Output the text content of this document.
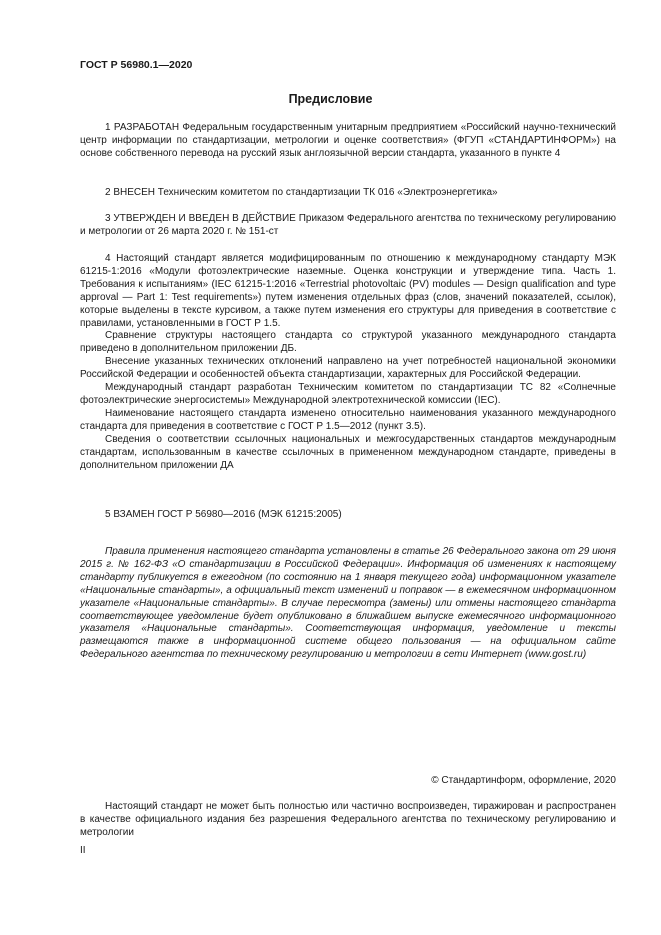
ГОСТ Р 56980.1—2020
Предисловие

1 РАЗРАБОТАН Федеральным государственным унитарным предприятием «Российский научно-технический центр информации по стандартизации, метрологии и оценке соответствия» (ФГУП «СТАНДАРТИНФОРМ») на основе собственного перевода на русский язык англоязычной версии стандарта, указанного в пункте 4

2 ВНЕСЕН Техническим комитетом по стандартизации ТК 016 «Электроэнергетика»

3 УТВЕРЖДЕН И ВВЕДЕН В ДЕЙСТВИЕ Приказом Федерального агентства по техническому регулированию и метрологии от 26 марта 2020 г. № 151-ст

4 Настоящий стандарт является модифицированным по отношению к международному стандарту МЭК 61215-1:2016 «Модули фотоэлектрические наземные. Оценка конструкции и утверждение типа. Часть 1. Требования к испытаниям» (IEC 61215-1:2016 «Terrestrial photovoltaic (PV) modules — Design qualification and type approval — Part 1: Test requirements») путем изменения отдельных фраз (слов, значений показателей, ссылок), которые выделены в тексте курсивом, а также путем изменения его структуры для приведения в соответствие с правилами, установленными в ГОСТ Р 1.5.

Сравнение структуры настоящего стандарта со структурой указанного международного стандарта приведено в дополнительном приложении ДБ.

Внесение указанных технических отклонений направлено на учет потребностей национальной экономики Российской Федерации и особенностей объекта стандартизации, характерных для Российской Федерации.

Международный стандарт разработан Техническим комитетом по стандартизации ТС 82 «Солнечные фотоэлектрические энергосистемы» Международной электротехнической комиссии (IEC).

Наименование настоящего стандарта изменено относительно наименования указанного международного стандарта для приведения в соответствие с ГОСТ Р 1.5—2012 (пункт 3.5).

Сведения о соответствии ссылочных национальных и межгосударственных стандартов международным стандартам, использованным в качестве ссылочных в примененном международном стандарте, приведены в дополнительном приложении ДА

5 ВЗАМЕН ГОСТ Р 56980—2016 (МЭК 61215:2005)

Правила применения настоящего стандарта установлены в статье 26 Федерального закона от 29 июня 2015 г. № 162-ФЗ «О стандартизации в Российской Федерации». Информация об изменениях к настоящему стандарту публикуется в ежегодном (по состоянию на 1 января текущего года) информационном указателе «Национальные стандарты», а официальный текст изменений и поправок — в ежемесячном информационном указателе «Национальные стандарты». В случае пересмотра (замены) или отмены настоящего стандарта соответствующее уведомление будет опубликовано в ближайшем выпуске ежемесячного информационного указателя «Национальные стандарты». Соответствующая информация, уведомление и тексты размещаются также в информационной системе общего пользования — на официальном сайте Федерального агентства по техническому регулированию и метрологии в сети Интернет (www.gost.ru)

© Стандартинформ, оформление, 2020

Настоящий стандарт не может быть полностью или частично воспроизведен, тиражирован и распространен в качестве официального издания без разрешения Федерального агентства по техническому регулированию и метрологии

II
